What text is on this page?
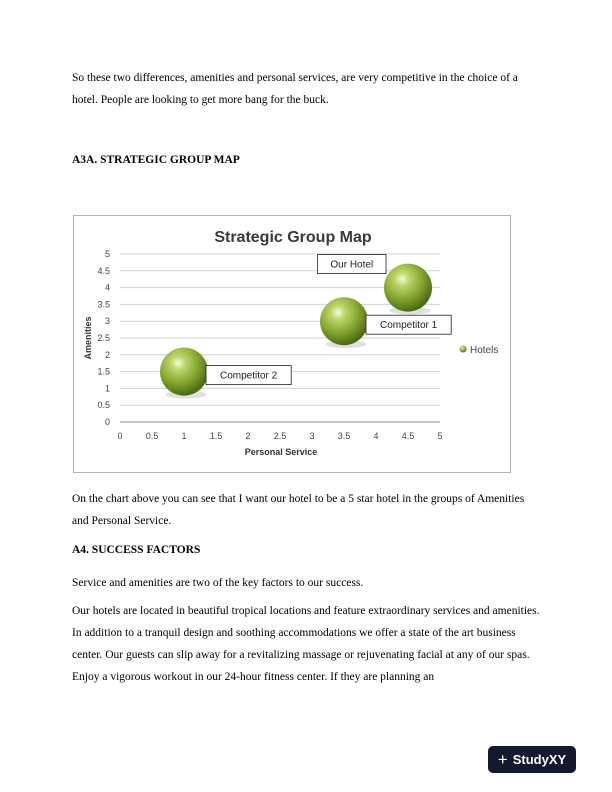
So these two differences, amenities and personal services, are very competitive in the choice of a hotel. People are looking to get more bang for the buck.

A3A. STRATEGIC GROUP MAP

Strategic Group Map
0
0.5
1
1.5
2
2.5
3
3.5
4
4.5
5
0	0.5	1	1.5	2	2.5	3	3.5	4	4.5	5
Personal Service
Amenities
Competitor 2
Competitor 1
Our Hotel
Hotels

On the chart above you can see that I want our hotel to be a 5 star hotel in the groups of Amenities and Personal Service.

A4. SUCCESS FACTORS

Service and amenities are two of the key factors to our success.

Our hotels are located in beautiful tropical locations and feature extraordinary services and amenities. In addition to a tranquil design and soothing accommodations we offer a state of the art business center. Our guests can slip away for a revitalizing massage or rejuvenating facial at any of our spas. Enjoy a vigorous workout in our 24-hour fitness center. If they are planning an

+ StudyXY
